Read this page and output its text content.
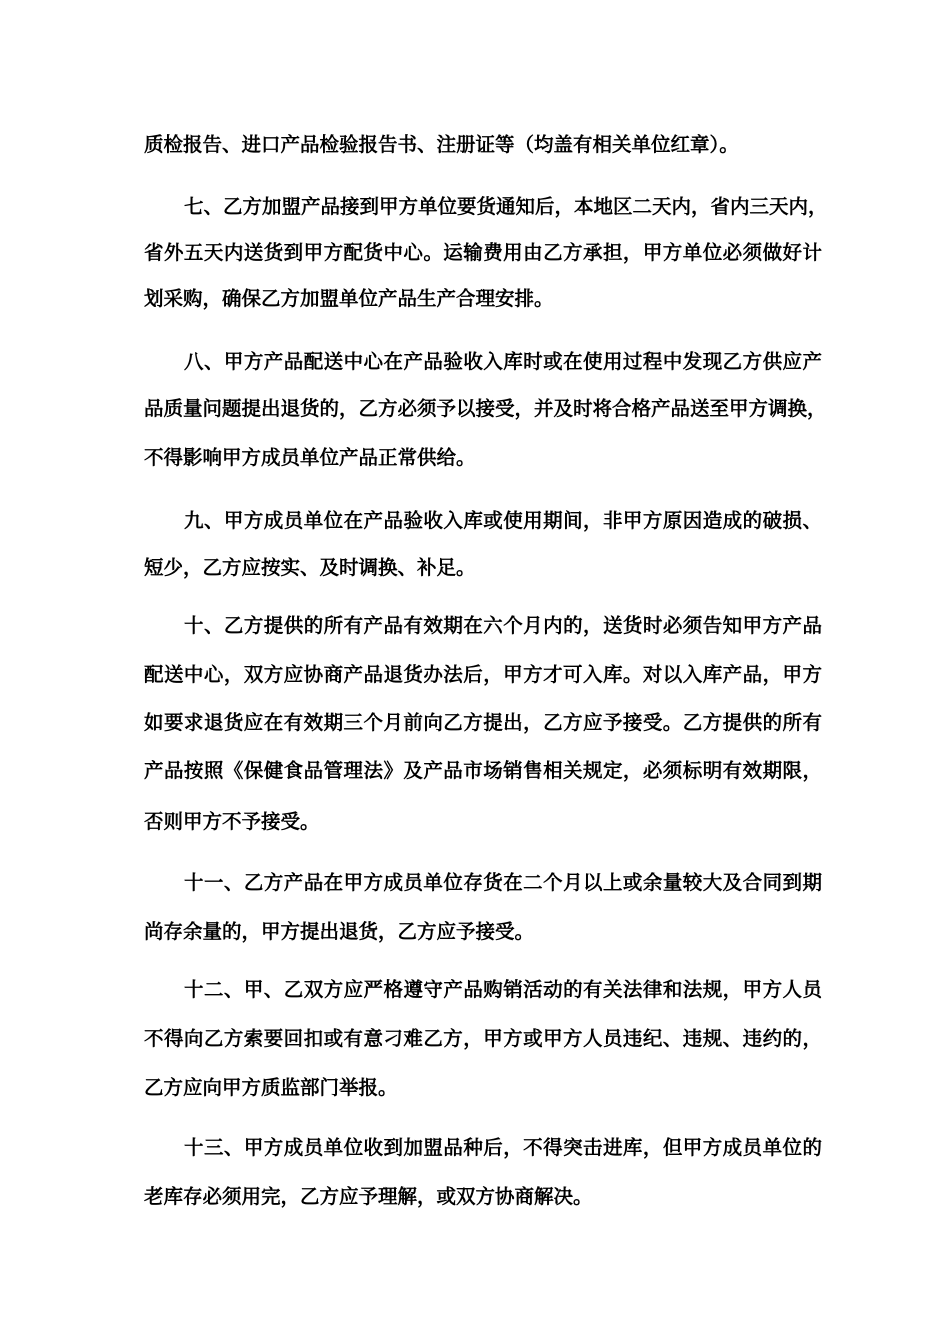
质检报告、进口产品检验报告书、注册证等（均盖有相关单位红章）。
七、乙方加盟产品接到甲方单位要货通知后，本地区二天内，省内三天内，
省外五天内送货到甲方配货中心。运输费用由乙方承担，甲方单位必须做好计
划采购，确保乙方加盟单位产品生产合理安排。
八、甲方产品配送中心在产品验收入库时或在使用过程中发现乙方供应产
品质量问题提出退货的，乙方必须予以接受，并及时将合格产品送至甲方调换，
不得影响甲方成员单位产品正常供给。
九、甲方成员单位在产品验收入库或使用期间，非甲方原因造成的破损、
短少，乙方应按实、及时调换、补足。
十、乙方提供的所有产品有效期在六个月内的，送货时必须告知甲方产品
配送中心，双方应协商产品退货办法后，甲方才可入库。对以入库产品，甲方
如要求退货应在有效期三个月前向乙方提出，乙方应予接受。乙方提供的所有
产品按照《保健食品管理法》及产品市场销售相关规定，必须标明有效期限，
否则甲方不予接受。
十一、乙方产品在甲方成员单位存货在二个月以上或余量较大及合同到期
尚存余量的，甲方提出退货，乙方应予接受。
十二、甲、乙双方应严格遵守产品购销活动的有关法律和法规，甲方人员
不得向乙方索要回扣或有意刁难乙方，甲方或甲方人员违纪、违规、违约的，
乙方应向甲方质监部门举报。
十三、甲方成员单位收到加盟品种后，不得突击进库，但甲方成员单位的
老库存必须用完，乙方应予理解，或双方协商解决。
